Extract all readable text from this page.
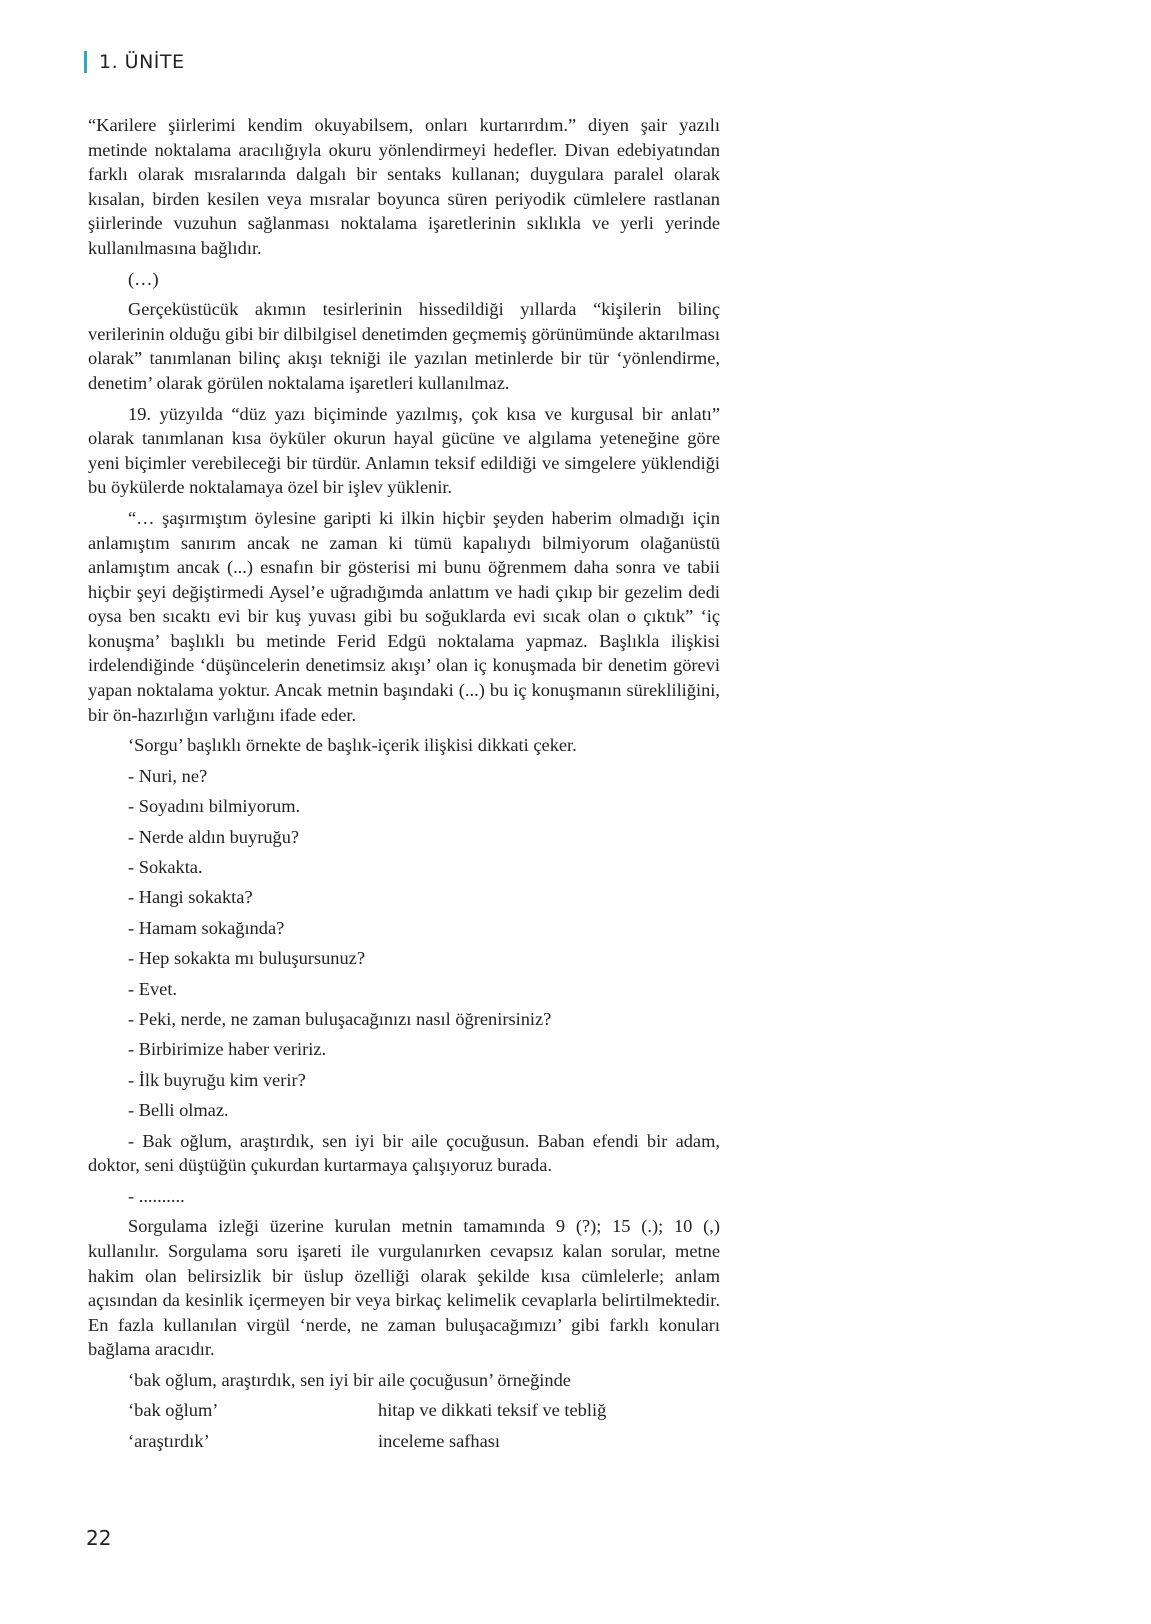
1. ÜNİTE

“Karilere şiirlerimi kendim okuyabilsem, onları kurtarırdım.” diyen şair yazılı metinde noktalama aracılığıyla okuru yönlendirmeyi hedefler. Divan edebiyatından farklı olarak mısralarında dalgalı bir sentaks kullanan; duygulara paralel olarak kısalan, birden kesilen veya mısralar boyunca süren periyodik cümlelere rastlanan şiirlerinde vuzuhun sağlanması noktalama işaretlerinin sıklıkla ve yerli yerinde kullanılmasına bağlıdır.

(…)

Gerçeküstücük akımın tesirlerinin hissedildiği yıllarda “kişilerin bilinç verilerinin olduğu gibi bir dilbilgisel denetimden geçmemiş görünümünde aktarılması olarak” tanımlanan bilinç akışı tekniği ile yazılan metinlerde bir tür ‘yönlendirme, denetim’ olarak görülen noktalama işaretleri kullanılmaz.

19. yüzyılda “düz yazı biçiminde yazılmış, çok kısa ve kurgusal bir anlatı” olarak tanımlanan kısa öyküler okurun hayal gücüne ve algılama yeteneğine göre yeni biçimler verebileceği bir türdür. Anlamın teksif edildiği ve simgelere yüklendiği bu öykülerde noktalamaya özel bir işlev yüklenir.

“… şaşırmıştım öylesine garipti ki ilkin hiçbir şeyden haberim olmadığı için anlamıştım sanırım ancak ne zaman ki tümü kapalıydı bilmiyorum olağanüstü anlamıştım ancak (...) esnafın bir gösterisi mi bunu öğrenmem daha sonra ve tabii hiçbir şeyi değiştirmedi Aysel’e uğradığımda anlattım ve hadi çıkıp bir gezelim dedi oysa ben sıcaktı evi bir kuş yuvası gibi bu soğuklarda evi sıcak olan o çıktık” ‘iç konuşma’ başlıklı bu metinde Ferid Edgü noktalama yapmaz. Başlıkla ilişkisi irdelendiğinde ‘düşüncelerin denetimsiz akışı’ olan iç konuşmada bir denetim görevi yapan noktalama yoktur. Ancak metnin başındaki (...) bu iç konuşmanın sürekliliğini, bir ön-hazırlığın varlığını ifade eder.

‘Sorgu’ başlıklı örnekte de başlık-içerik ilişkisi dikkati çeker.

- Nuri, ne?

- Soyadını bilmiyorum.

- Nerde aldın buyruğu?

- Sokakta.

- Hangi sokakta?

- Hamam sokağında?

- Hep sokakta mı buluşursunuz?

- Evet.

- Peki, nerde, ne zaman buluşacağınızı nasıl öğrenirsiniz?

- Birbirimize haber veririz.

- İlk buyruğu kim verir?

- Belli olmaz.

- Bak oğlum, araştırdık, sen iyi bir aile çocuğusun. Baban efendi bir adam, doktor, seni düştüğün çukurdan kurtarmaya çalışıyoruz burada.

- ..........

Sorgulama izleği üzerine kurulan metnin tamamında 9 (?); 15 (.); 10 (,) kullanılır. Sorgulama soru işareti ile vurgulanırken cevapsız kalan sorular, metne hakim olan belirsizlik bir üslup özelliği olarak şekilde kısa cümlelerle; anlam açısından da kesinlik içermeyen bir veya birkaç kelimelik cevaplarla belirtilmektedir. En fazla kullanılan virgül ‘nerde, ne zaman buluşacağımızı’ gibi farklı konuları bağlama aracıdır.

‘bak oğlum, araştırdık, sen iyi bir aile çocuğusun’ örneğinde

‘bak oğlum’	hitap ve dikkati teksif ve tebliğ
‘araştırdık’	inceleme safhası
22
